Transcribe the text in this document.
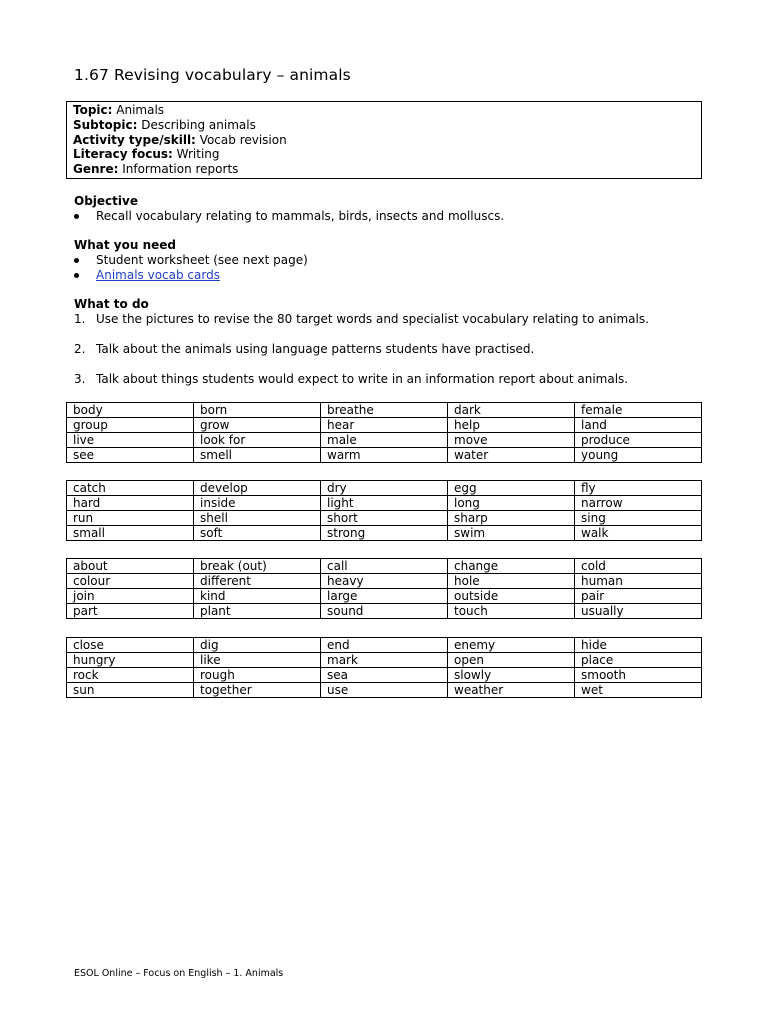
1.67 Revising vocabulary – animals
Topic: Animals
Subtopic: Describing animals
Activity type/skill: Vocab revision
Literacy focus: Writing
Genre: Information reports
Objective
Recall vocabulary relating to mammals, birds, insects and molluscs.
What you need
Student worksheet (see next page)
Animals vocab cards
What to do
1. Use the pictures to revise the 80 target words and specialist vocabulary relating to animals.
2. Talk about the animals using language patterns students have practised.
3. Talk about things students would expect to write in an information report about animals.
body	born	breathe	dark	female
group	grow	hear	help	land
live	look for	male	move	produce
see	smell	warm	water	young
catch	develop	dry	egg	fly
hard	inside	light	long	narrow
run	shell	short	sharp	sing
small	soft	strong	swim	walk
about	break (out)	call	change	cold
colour	different	heavy	hole	human
join	kind	large	outside	pair
part	plant	sound	touch	usually
close	dig	end	enemy	hide
hungry	like	mark	open	place
rock	rough	sea	slowly	smooth
sun	together	use	weather	wet
ESOL Online – Focus on English – 1. Animals
